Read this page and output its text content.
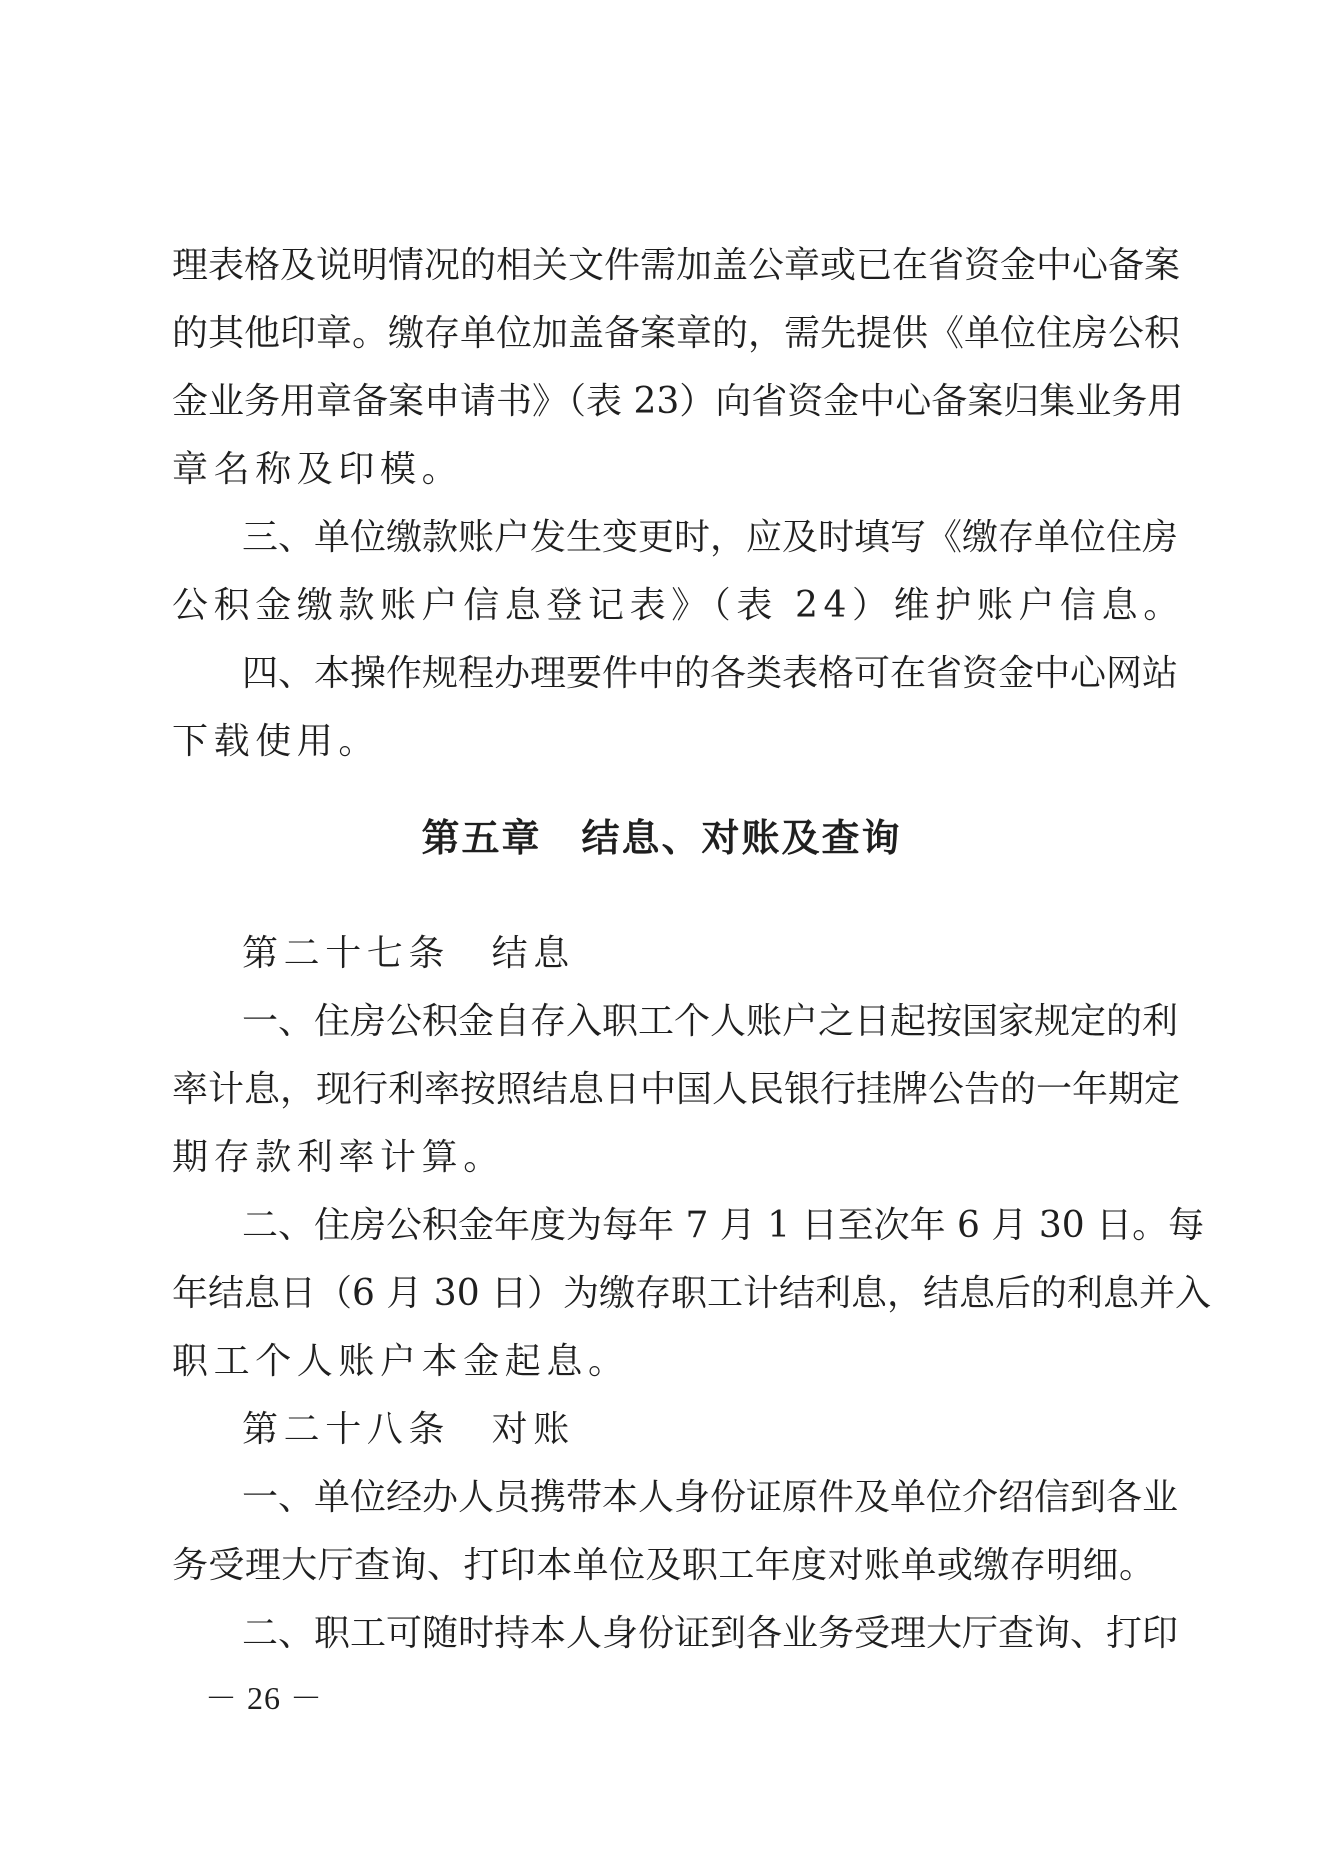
理表格及说明情况的相关文件需加盖公章或已在省资金中心备案
的其他印章。缴存单位加盖备案章的，需先提供《单位住房公积
金业务用章备案申请书》（表 23）向省资金中心备案归集业务用
章名称及印模。
三、单位缴款账户发生变更时，应及时填写《缴存单位住房
公积金缴款账户信息登记表》（表 24）维护账户信息。
四、本操作规程办理要件中的各类表格可在省资金中心网站
下载使用。
第五章　结息、对账及查询
第二十七条　结息
一、住房公积金自存入职工个人账户之日起按国家规定的利
率计息，现行利率按照结息日中国人民银行挂牌公告的一年期定
期存款利率计算。
二、住房公积金年度为每年 7 月 1 日至次年 6 月 30 日。每
年结息日（6 月 30 日）为缴存职工计结利息，结息后的利息并入
职工个人账户本金起息。
第二十八条　对账
一、单位经办人员携带本人身份证原件及单位介绍信到各业
务受理大厅查询、打印本单位及职工年度对账单或缴存明细。
二、职工可随时持本人身份证到各业务受理大厅查询、打印
－ 26 －
